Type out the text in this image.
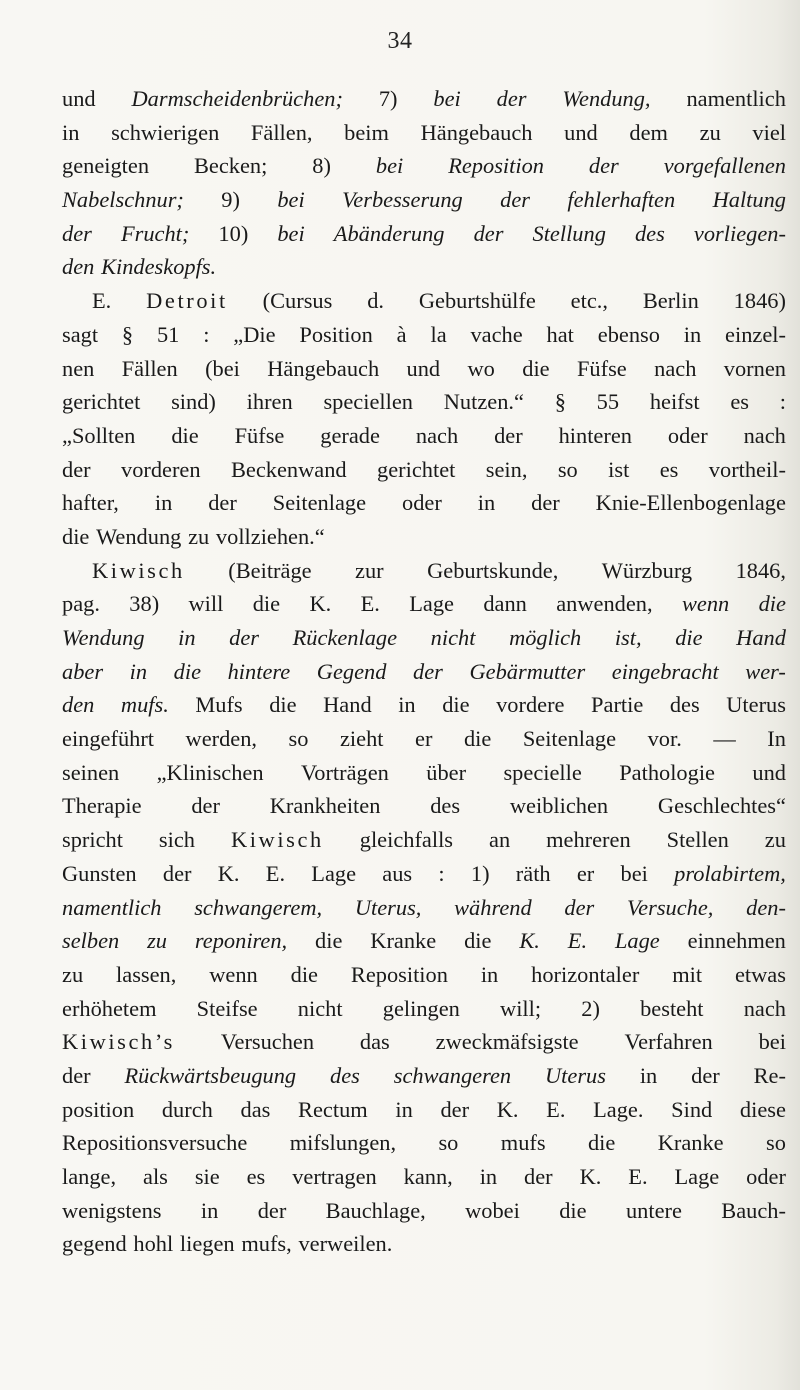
34
und Darmscheidenbrüchen; 7) bei der Wendung, namentlich
in schwierigen Fällen, beim Hängebauch und dem zu viel
geneigten Becken; 8) bei Reposition der vorgefallenen
Nabelschnur; 9) bei Verbesserung der fehlerhaften Haltung
der Frucht; 10) bei Abänderung der Stellung des vorliegen-
den Kindeskopfs.
E. Detroit (Cursus d. Geburtshülfe etc., Berlin 1846)
sagt § 51 : „Die Position à la vache hat ebenso in einzel-
nen Fällen (bei Hängebauch und wo die Füfse nach vornen
gerichtet sind) ihren speciellen Nutzen.“ § 55 heifst es :
„Sollten die Füfse gerade nach der hinteren oder nach
der vorderen Beckenwand gerichtet sein, so ist es vortheil-
hafter, in der Seitenlage oder in der Knie-Ellenbogenlage
die Wendung zu vollziehen.“
Kiwisch (Beiträge zur Geburtskunde, Würzburg 1846,
pag. 38) will die K. E. Lage dann anwenden, wenn die
Wendung in der Rückenlage nicht möglich ist, die Hand
aber in die hintere Gegend der Gebärmutter eingebracht wer-
den mufs. Mufs die Hand in die vordere Partie des Uterus
eingeführt werden, so zieht er die Seitenlage vor. — In
seinen „Klinischen Vorträgen über specielle Pathologie und
Therapie der Krankheiten des weiblichen Geschlechtes“
spricht sich Kiwisch gleichfalls an mehreren Stellen zu
Gunsten der K. E. Lage aus : 1) räth er bei prolabirtem,
namentlich schwangerem, Uterus, während der Versuche, den-
selben zu reponiren, die Kranke die K. E. Lage einnehmen
zu lassen, wenn die Reposition in horizontaler mit etwas
erhöhetem Steifse nicht gelingen will; 2) besteht nach
Kiwisch’s Versuchen das zweckmäfsigste Verfahren bei
der Rückwärtsbeugung des schwangeren Uterus in der Re-
position durch das Rectum in der K. E. Lage. Sind diese
Repositionsversuche mifslungen, so mufs die Kranke so
lange, als sie es vertragen kann, in der K. E. Lage oder
wenigstens in der Bauchlage, wobei die untere Bauch-
gegend hohl liegen mufs, verweilen.
